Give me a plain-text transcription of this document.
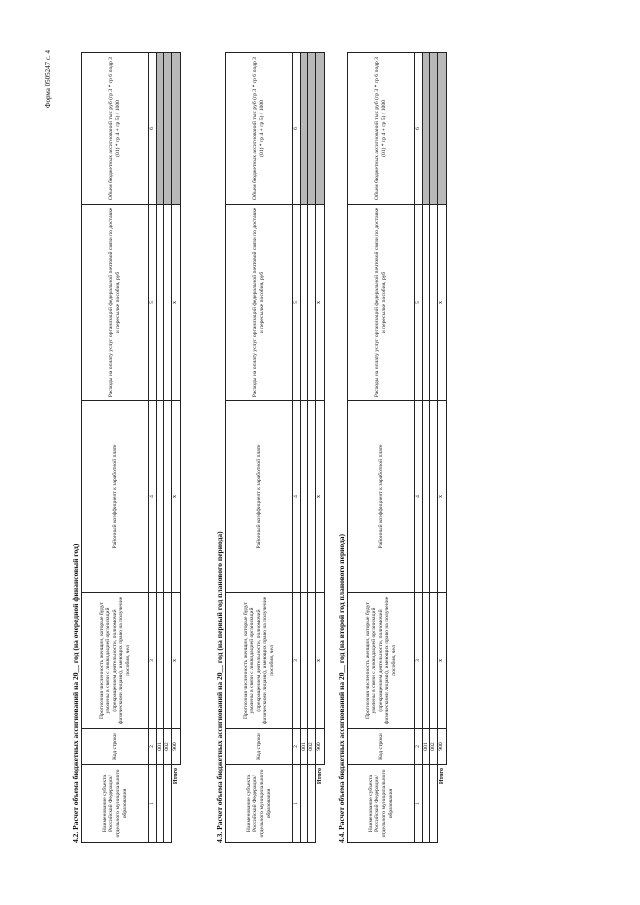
Форма 0505247 с. 4
4.2. Расчет объема бюджетных ассигнований на 20__ год (на очередной финансовый год)	Наименование субъекта Российской Федерации/ отдельного муниципального образования	Код строки	Прогнозная численность женщин, которые будут уволены в связи с ликвидацией организаций (прекращением деятельности, полномочий физическими лицами), имеющих право на получение пособия, чел	Районный коэффициент к заработной плате	Расходы на оплату услуг организаций федеральной почтовой связи по доставке и пересылке пособия, руб	Объем бюджетных ассигнований тыс руб (гр 3 * гр 6 подр 3 (01) * гр 4 + гр 5) / 1000
1	2	3	4	5	6
	001				
	002				
Итого	900	x	x	x	
4.3. Расчет объема бюджетных ассигнований на 20__ год (на первый год планового периода)	Наименование субъекта Российской Федерации/ отдельного муниципального образования	Код строки	Прогнозная численность женщин, которые будут уволены в связи с ликвидацией организаций (прекращением деятельности, полномочий физическими лицами), имеющих право на получение пособия, чел	Районный коэффициент к заработной плате	Расходы на оплату услуг организаций федеральной почтовой связи по доставке и пересылке пособия, руб	Объем бюджетных ассигнований тыс руб (гр 3 * гр 6 подр 3 (01) * гр 4 + гр 5) / 1000
1	2	3	4	5	6
	001				
	002				
Итого	900	x	x	x	
4.4. Расчет объема бюджетных ассигнований на 20__ год (на второй год планового периода)	Наименование субъекта Российской Федерации/ отдельного муниципального образования	Код строки	Прогнозная численность женщин, которые будут уволены в связи с ликвидацией организаций (прекращением деятельности, полномочий физическими лицами), имеющих право на получение пособия, чел	Районный коэффициент к заработной плате	Расходы на оплату услуг организаций федеральной почтовой связи по доставке и пересылке пособия, руб	Объем бюджетных ассигнований тыс руб (гр 3 * гр 6 подр 3 (01) * гр 4 + гр 5) / 1000
1	2	3	4	5	6
	001				
	002				
Итого	900	x	x	x	
